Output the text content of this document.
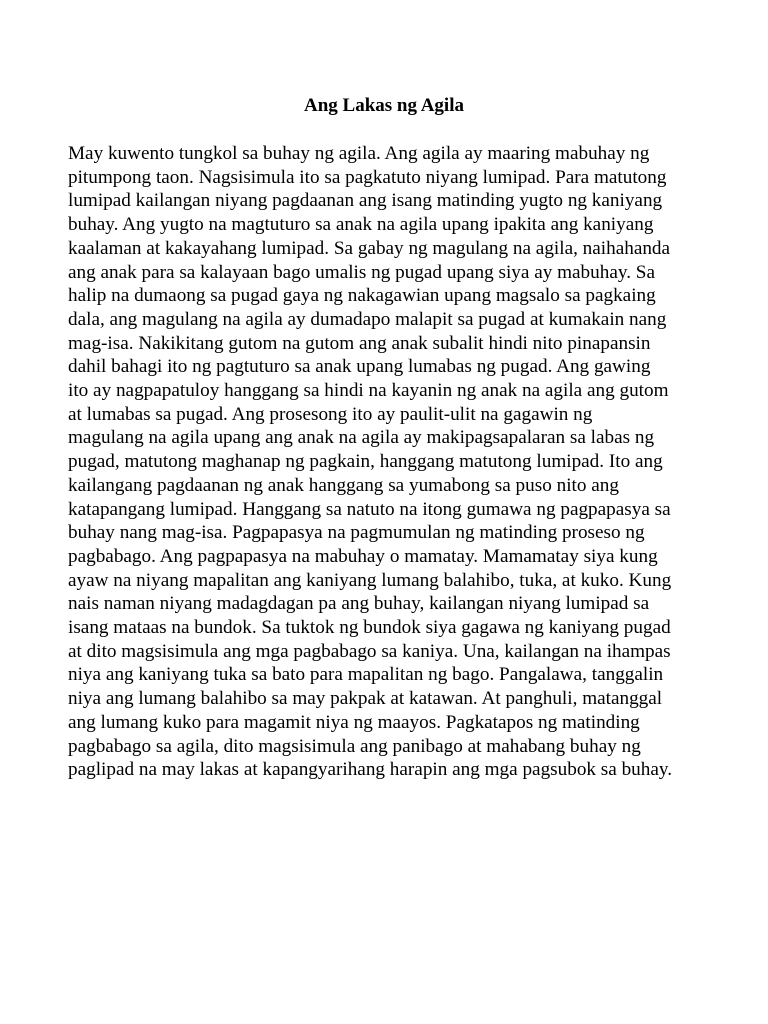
Ang Lakas ng Agila

May kuwento tungkol sa buhay ng agila. Ang agila ay maaring mabuhay ng
pitumpong taon. Nagsisimula ito sa pagkatuto niyang lumipad. Para matutong
lumipad kailangan niyang pagdaanan ang isang matinding yugto ng kaniyang
buhay. Ang yugto na magtuturo sa anak na agila upang ipakita ang kaniyang
kaalaman at kakayahang lumipad. Sa gabay ng magulang na agila, naihahanda
ang anak para sa kalayaan bago umalis ng pugad upang siya ay mabuhay. Sa
halip na dumaong sa pugad gaya ng nakagawian upang magsalo sa pagkaing
dala, ang magulang na agila ay dumadapo malapit sa pugad at kumakain nang
mag-isa. Nakikitang gutom na gutom ang anak subalit hindi nito pinapansin
dahil bahagi ito ng pagtuturo sa anak upang lumabas ng pugad. Ang gawing
ito ay nagpapatuloy hanggang sa hindi na kayanin ng anak na agila ang gutom
at lumabas sa pugad. Ang prosesong ito ay paulit-ulit na gagawin ng
magulang na agila upang ang anak na agila ay makipagsapalaran sa labas ng
pugad, matutong maghanap ng pagkain, hanggang matutong lumipad. Ito ang
kailangang pagdaanan ng anak hanggang sa yumabong sa puso nito ang
katapangang lumipad. Hanggang sa natuto na itong gumawa ng pagpapasya sa
buhay nang mag-isa. Pagpapasya na pagmumulan ng matinding proseso ng
pagbabago. Ang pagpapasya na mabuhay o mamatay. Mamamatay siya kung
ayaw na niyang mapalitan ang kaniyang lumang balahibo, tuka, at kuko. Kung
nais naman niyang madagdagan pa ang buhay, kailangan niyang lumipad sa
isang mataas na bundok. Sa tuktok ng bundok siya gagawa ng kaniyang pugad
at dito magsisimula ang mga pagbabago sa kaniya. Una, kailangan na ihampas
niya ang kaniyang tuka sa bato para mapalitan ng bago. Pangalawa, tanggalin
niya ang lumang balahibo sa may pakpak at katawan. At panghuli, matanggal
ang lumang kuko para magamit niya ng maayos. Pagkatapos ng matinding
pagbabago sa agila, dito magsisimula ang panibago at mahabang buhay ng
paglipad na may lakas at kapangyarihang harapin ang mga pagsubok sa buhay.
